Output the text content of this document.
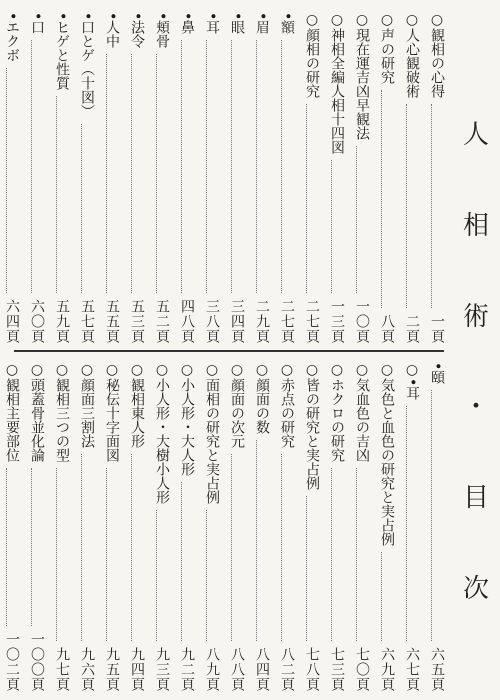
人
相
術
・
目
次
○観相の心得
一頁
○人心観破術
二頁
○声の研究
八頁
○現在運吉凶早観法
一〇頁
○神相全編人相十四図
一三頁
○顔相の研究
二七頁
•額
二七頁
•眉
二九頁
•眼
三四頁
•耳
三八頁
•鼻
四八頁
•頬骨
五二頁
•法令
五三頁
•人中
五五頁
•口とゲ（十図）
五七頁
•ヒゲと性質
五九頁
•口
六〇頁
•エクボ
六四頁
•頤
六五頁
○•耳
六七頁
○気色と血色の研究と実占例
六九頁
○気血色の吉凶
七〇頁
○ホクロの研究
七三頁
○皆の研究と実占例
七八頁
○赤点の研究
八二頁
○顔面の数
八四頁
○顔面の次元
八八頁
○面相の研究と実占例
八九頁
○小人形・大人形
九二頁
○小人形・大樹小人形
九三頁
○観相東人形
九四頁
○秘伝十字面図
九五頁
○顔面三割法
九六頁
○観相三つの型
九七頁
○頭蓋骨並化論
一〇〇頁
○観相主要部位
一〇二頁
